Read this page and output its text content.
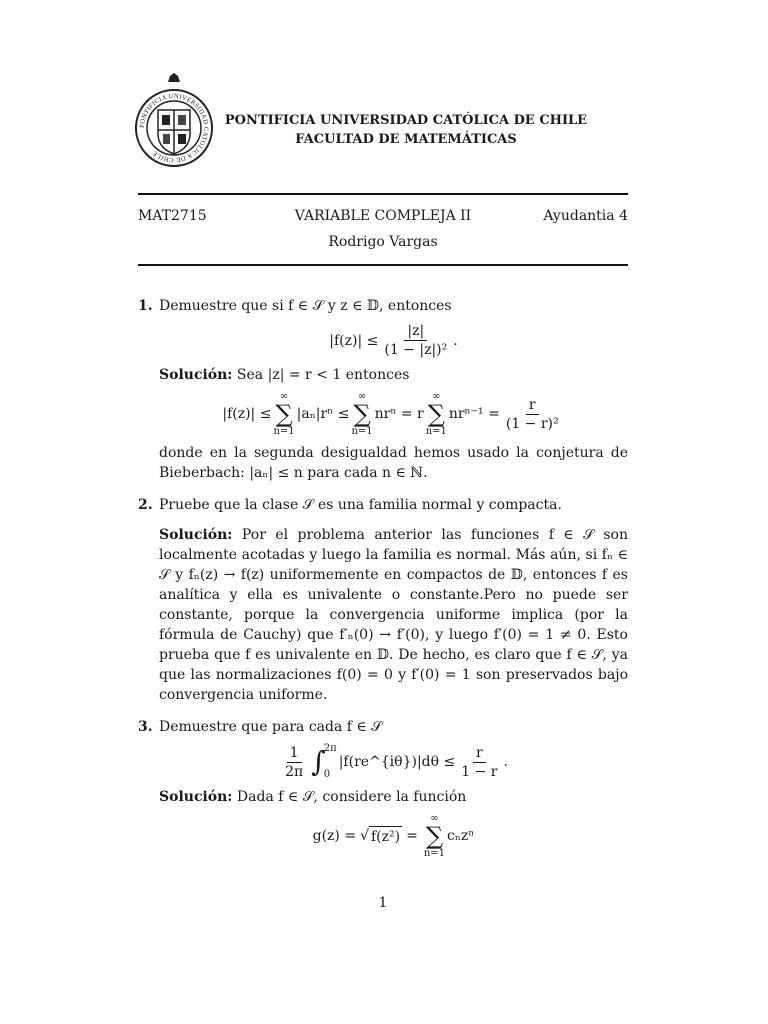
PONTIFICIA UNIVERSIDAD CATOLICA DE CHILE
PONTIFICIA UNIVERSIDAD CATÓLICA DE CHILE
FACULTAD DE MATEMÁTICAS
MAT2715	VARIABLE COMPLEJA II	Ayudantia 4
Rodrigo Vargas
1. Demuestre que si f ∈ 𝒮 y z ∈ 𝔻, entonces

$|f(z)| \le \frac{|z|}{\text{(1 − |z|)²}}$ .

Solución: Sea |z| = r < 1 entonces

|f(z)| ≤
∞
∑
n=1
|aₙ|rⁿ ≤
∞
∑
n=1
nrⁿ = r
∞
∑
n=1
$nr^{n-1} = \frac{r}{\text{(1 − r)²}}$

donde en la segunda desigualdad hemos usado la conjetura de Bieberbach: |aₙ| ≤ n para cada n ∈ ℕ.

2. Pruebe que la clase 𝒮 es una familia normal y compacta.

Solución: Por el problema anterior las funciones f ∈ 𝒮 son localmente acotadas y luego la familia es normal. Más aún, si fₙ ∈ 𝒮 y fₙ(z) → f(z) uniformemente en compactos de 𝔻, entonces f es analítica y ella es univalente o constante.Pero no puede ser constante, porque la convergencia uniforme implica (por la fórmula de Cauchy) que f′ₙ(0) → f′(0), y luego f′(0) = 1 ≠ 0. Esto prueba que f es univalente en 𝔻. De hecho, es claro que f ∈ 𝒮, ya que las normalizaciones f(0) = 0 y f′(0) = 1 son preservados bajo convergencia uniforme.

3. Demuestre que para cada f ∈ 𝒮

$\frac{1}{2\pi}$ ∫
2π
0
|f(re^{iθ})|dθ ≤ $\frac{r}{1 - r}$ .

Solución: Dada f ∈ 𝒮, considere la función

g(z) = √ f(z²) =
∞
∑
n=1
cₙzⁿ
1
